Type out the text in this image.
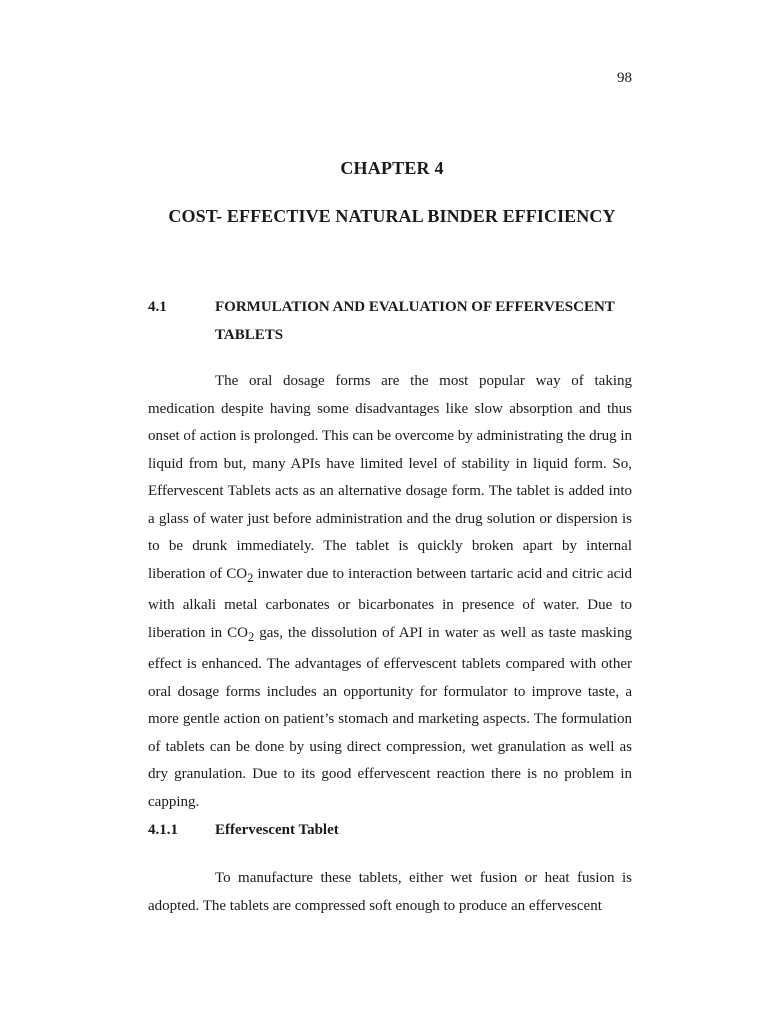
98
CHAPTER 4
COST- EFFECTIVE NATURAL BINDER EFFICIENCY
4.1	FORMULATION AND EVALUATION OF EFFERVESCENT TABLETS
The oral dosage forms are the most popular way of taking medication despite having some disadvantages like slow absorption and thus onset of action is prolonged. This can be overcome by administrating the drug in liquid from but, many APIs have limited level of stability in liquid form. So, Effervescent Tablets acts as an alternative dosage form. The tablet is added into a glass of water just before administration and the drug solution or dispersion is to be drunk immediately. The tablet is quickly broken apart by internal liberation of $CO_2$ inwater due to interaction between tartaric acid and citric acid with alkali metal carbonates or bicarbonates in presence of water. Due to liberation in $CO_2$ gas, the dissolution of API in water as well as taste masking effect is enhanced. The advantages of effervescent tablets compared with other oral dosage forms includes an opportunity for formulator to improve taste, a more gentle action on patient’s stomach and marketing aspects. The formulation of tablets can be done by using direct compression, wet granulation as well as dry granulation. Due to its good effervescent reaction there is no problem in capping.
4.1.1 Effervescent Tablet
To manufacture these tablets, either wet fusion or heat fusion is adopted. The tablets are compressed soft enough to produce an effervescent
